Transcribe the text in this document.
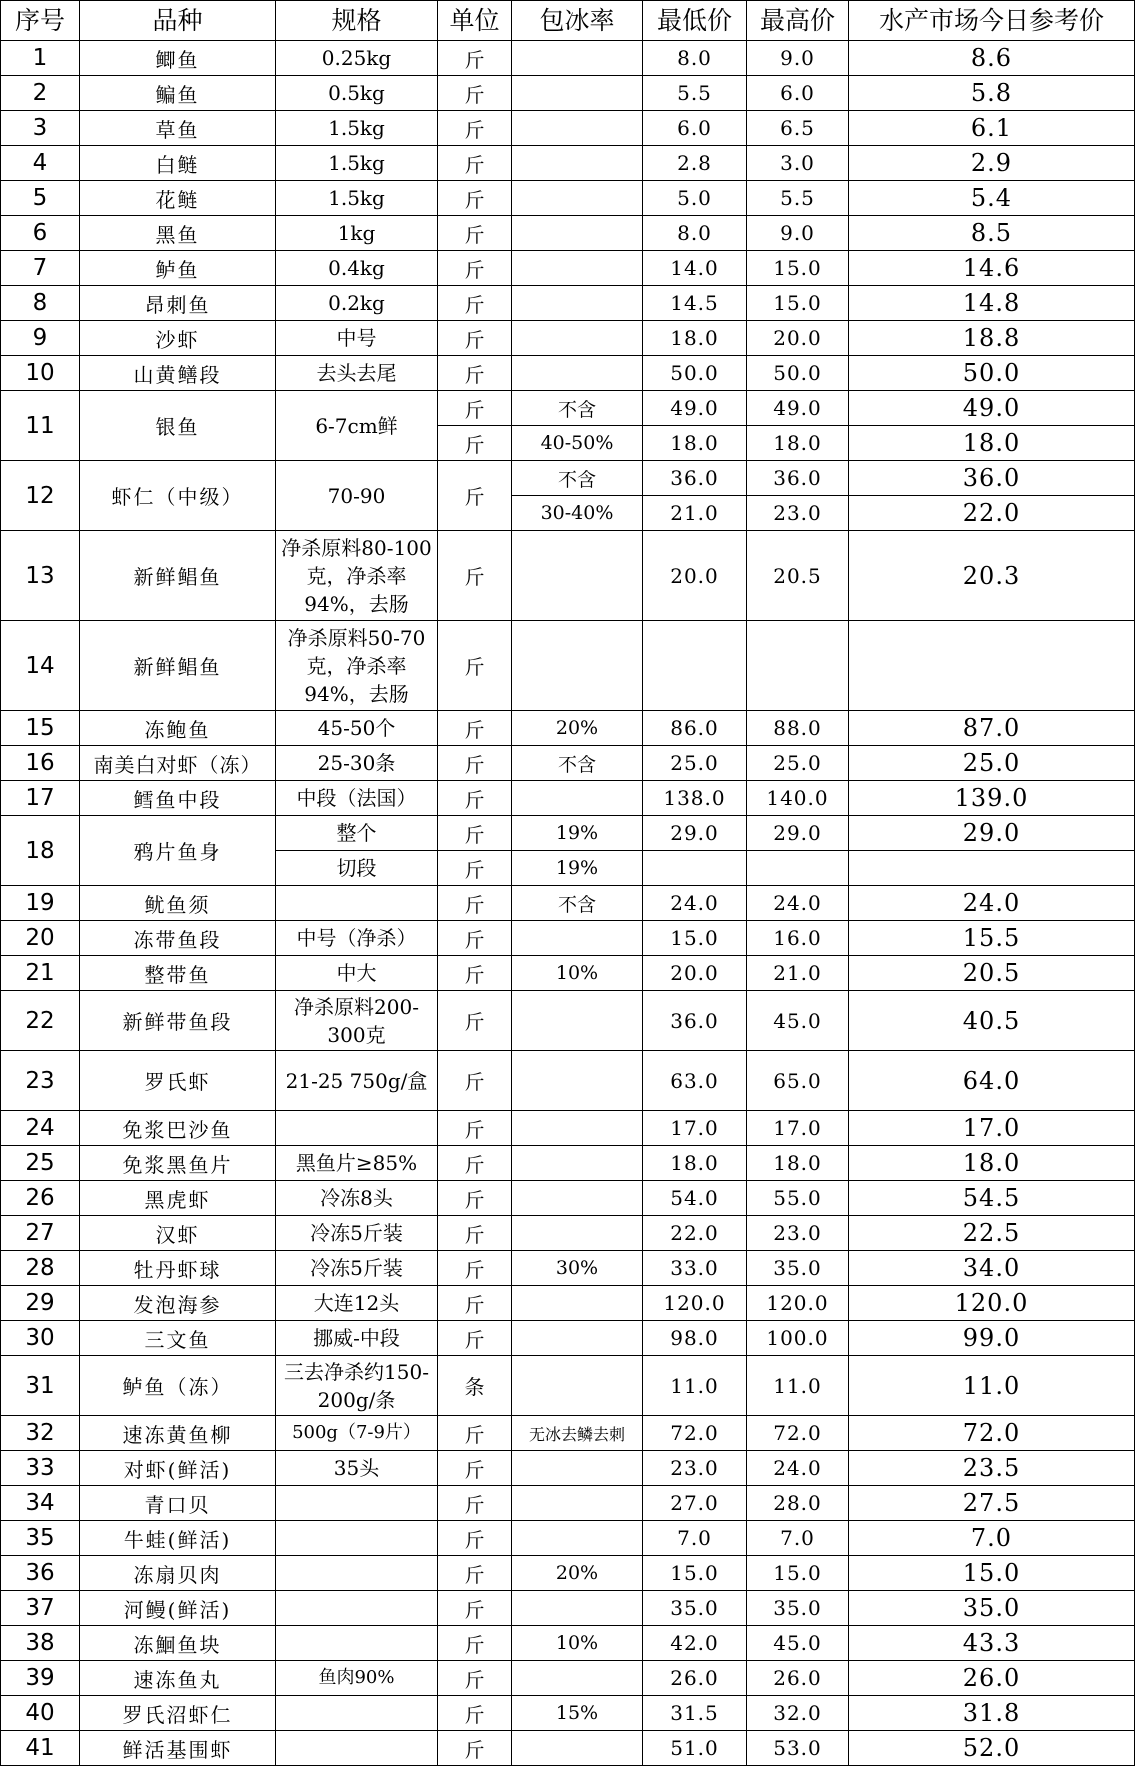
序号	品种	规格	单位	包冰率	最低价	最高价	水产市场今日参考价
1	鲫鱼	0.25kg	斤		8.0	9.0	8.6
2	鳊鱼	0.5kg	斤		5.5	6.0	5.8
3	草鱼	1.5kg	斤		6.0	6.5	6.1
4	白鲢	1.5kg	斤		2.8	3.0	2.9
5	花鲢	1.5kg	斤		5.0	5.5	5.4
6	黑鱼	1kg	斤		8.0	9.0	8.5
7	鲈鱼	0.4kg	斤		14.0	15.0	14.6
8	昂刺鱼	0.2kg	斤		14.5	15.0	14.8
9	沙虾	中号	斤		18.0	20.0	18.8
10	山黄鳝段	去头去尾	斤		50.0	50.0	50.0
11	银鱼	6-7cm鲜	斤	不含	49.0	49.0	49.0
			斤	40-50%	18.0	18.0	18.0
12	虾仁（中级）	70-90	斤	不含	36.0	36.0	36.0
				30-40%	21.0	23.0	22.0
13	新鲜鲳鱼	净杀原料80-100克，净杀率94%，去肠	斤		20.0	20.5	20.3
14	新鲜鲳鱼	净杀原料50-70克，净杀率94%，去肠	斤				
15	冻鲍鱼	45-50个	斤	20%	86.0	88.0	87.0
16	南美白对虾（冻）	25-30条	斤	不含	25.0	25.0	25.0
17	鳕鱼中段	中段（法国）	斤		138.0	140.0	139.0
18	鸦片鱼身	整个	斤	19%	29.0	29.0	29.0
		切段	斤	19%			
19	鱿鱼须		斤	不含	24.0	24.0	24.0
20	冻带鱼段	中号（净杀）	斤		15.0	16.0	15.5
21	整带鱼	中大	斤	10%	20.0	21.0	20.5
22	新鲜带鱼段	净杀原料200-300克	斤		36.0	45.0	40.5
23	罗氏虾	21-25 750g/盒	斤		63.0	65.0	64.0
24	免浆巴沙鱼		斤		17.0	17.0	17.0
25	免浆黑鱼片	黑鱼片≥85%	斤		18.0	18.0	18.0
26	黑虎虾	冷冻8头	斤		54.0	55.0	54.5
27	汉虾	冷冻5斤装	斤		22.0	23.0	22.5
28	牡丹虾球	冷冻5斤装	斤	30%	33.0	35.0	34.0
29	发泡海参	大连12头	斤		120.0	120.0	120.0
30	三文鱼	挪威-中段	斤		98.0	100.0	99.0
31	鲈鱼（冻）	三去净杀约150-200g/条	条		11.0	11.0	11.0
32	速冻黄鱼柳	500g（7-9片）	斤	无冰去鳞去刺	72.0	72.0	72.0
33	对虾(鲜活)	35头	斤		23.0	24.0	23.5
34	青口贝		斤		27.0	28.0	27.5
35	牛蛙(鲜活)		斤		7.0	7.0	7.0
36	冻扇贝肉		斤	20%	15.0	15.0	15.0
37	河鳗(鲜活)		斤		35.0	35.0	35.0
38	冻鮰鱼块		斤	10%	42.0	45.0	43.3
39	速冻鱼丸	鱼肉90%	斤		26.0	26.0	26.0
40	罗氏沼虾仁		斤	15%	31.5	32.0	31.8
41	鲜活基围虾		斤		51.0	53.0	52.0
